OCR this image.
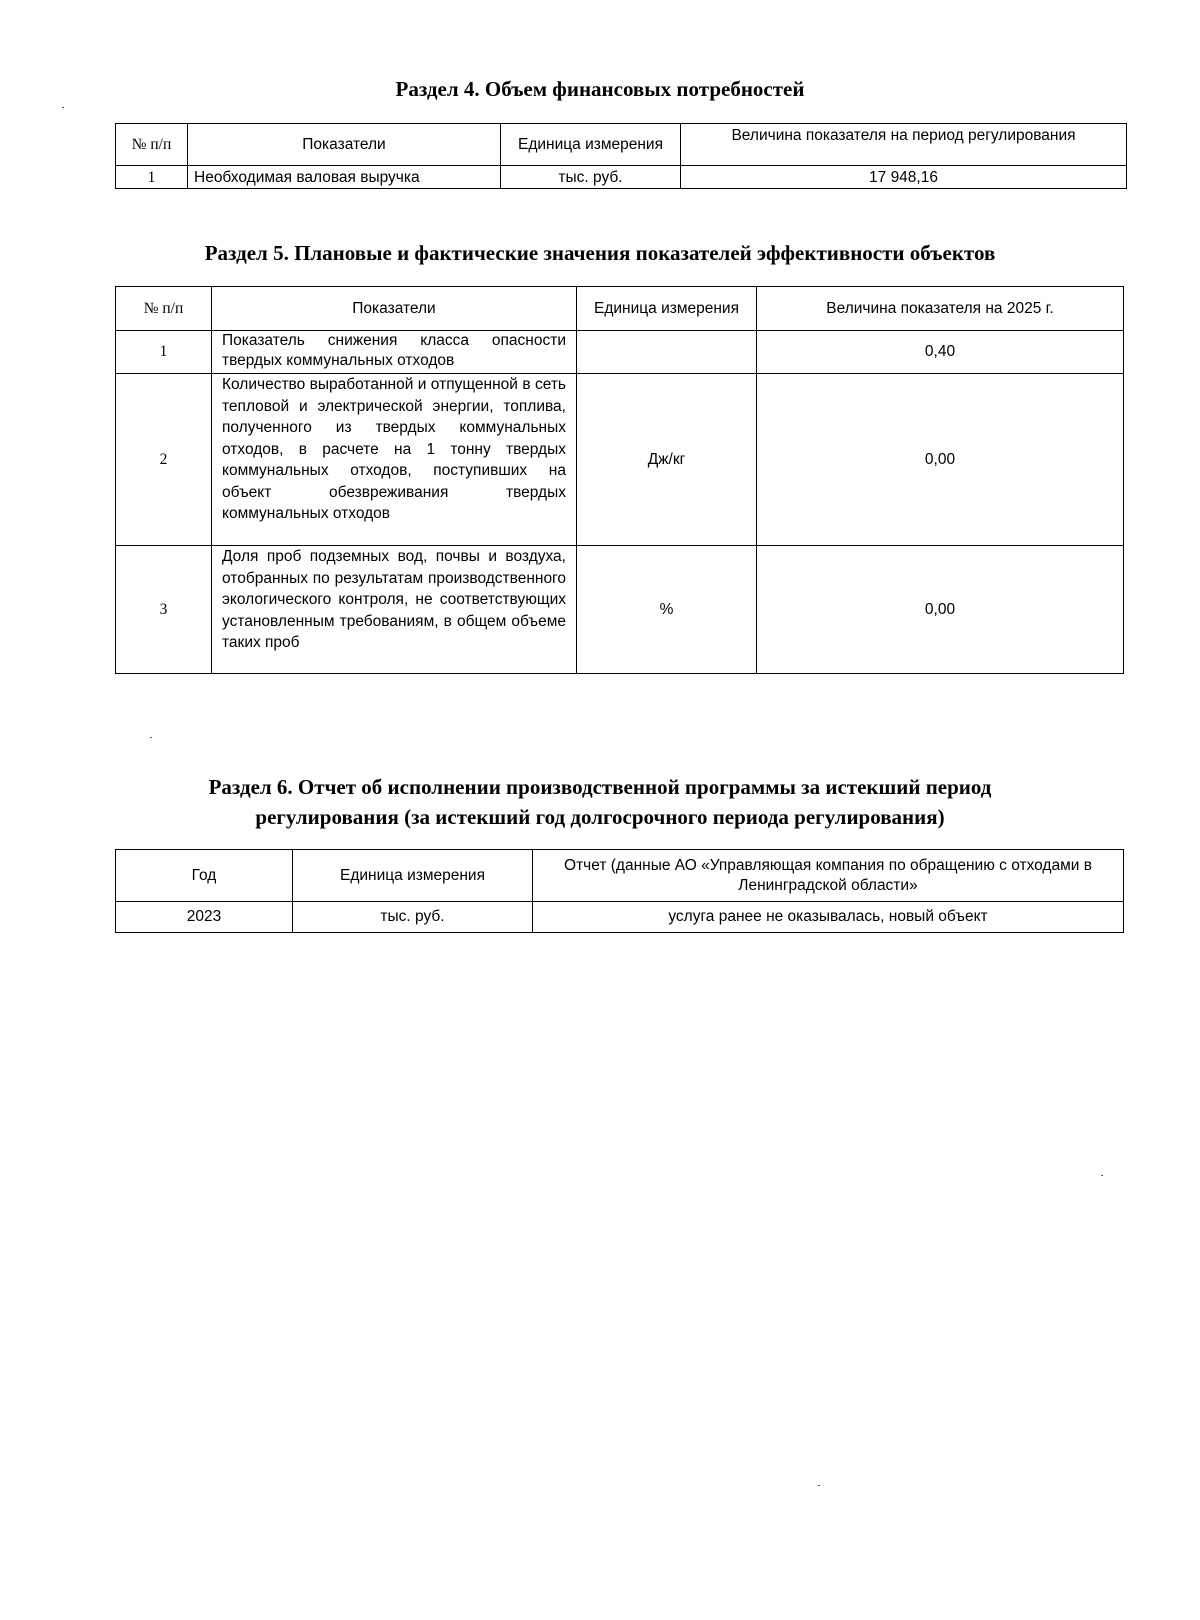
Раздел 4. Объем финансовых потребностей
№ п/п	Показатели	Единица измерения	Величина показателя на период регулирования
1	Необходимая валовая выручка	тыс. руб.	17 948,16
Раздел 5. Плановые и фактические значения показателей эффективности объектов
№ п/п	Показатели	Единица измерения	Величина показателя на 2025 г.
1	Показатель снижения класса опасности твердых коммунальных отходов		0,40
2	Количество выработанной и отпущенной в сеть тепловой и электрической энергии, топлива, полученного из твердых коммунальных отходов, в расчете на 1 тонну твердых коммунальных отходов, поступивших на объект обезвреживания твердых коммунальных отходов	Дж/кг	0,00
3	Доля проб подземных вод, почвы и воздуха, отобранных по результатам производственного экологического контроля, не соответствующих установленным требованиям, в общем объеме таких проб	%	0,00
Раздел 6. Отчет об исполнении производственной программы за истекший период
регулирования (за истекший год долгосрочного периода регулирования)
Год	Единица измерения	Отчет (данные АО «Управляющая компания по обращению с отходами в Ленинградской области»
2023	тыс. руб.	услуга ранее не оказывалась, новый объект
